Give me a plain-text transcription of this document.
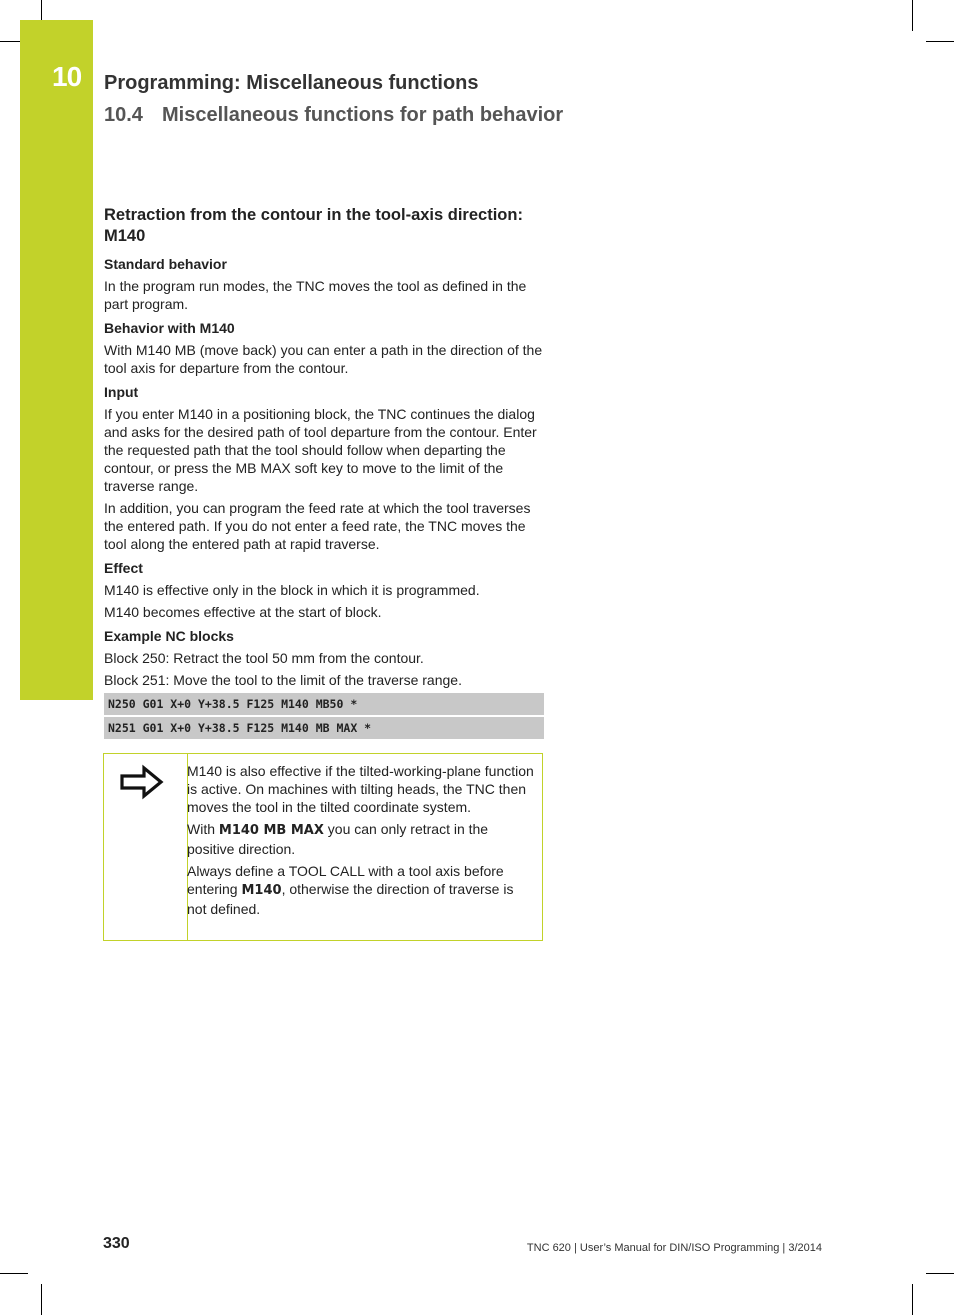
10 Programming: Miscellaneous functions
10.4 Miscellaneous functions for path behavior
Retraction from the contour in the tool-axis direction: M140
Standard behavior
In the program run modes, the TNC moves the tool as defined in the part program.
Behavior with M140
With M140 MB (move back) you can enter a path in the direction of the tool axis for departure from the contour.
Input
If you enter M140 in a positioning block, the TNC continues the dialog and asks for the desired path of tool departure from the contour. Enter the requested path that the tool should follow when departing the contour, or press the MB MAX soft key to move to the limit of the traverse range.
In addition, you can program the feed rate at which the tool traverses the entered path. If you do not enter a feed rate, the TNC moves the tool along the entered path at rapid traverse.
Effect
M140 is effective only in the block in which it is programmed.
M140 becomes effective at the start of block.
Example NC blocks
Block 250: Retract the tool 50 mm from the contour.
Block 251: Move the tool to the limit of the traverse range.
N250 G01 X+0 Y+38.5 F125 M140 MB50 *
N251 G01 X+0 Y+38.5 F125 M140 MB MAX *
M140 is also effective if the tilted-working-plane function is active. On machines with tilting heads, the TNC then moves the tool in the tilted coordinate system.
With M140 MB MAX you can only retract in the positive direction.
Always define a TOOL CALL with a tool axis before entering M140, otherwise the direction of traverse is not defined.
330	TNC 620 | User’s Manual for DIN/ISO Programming | 3/2014
